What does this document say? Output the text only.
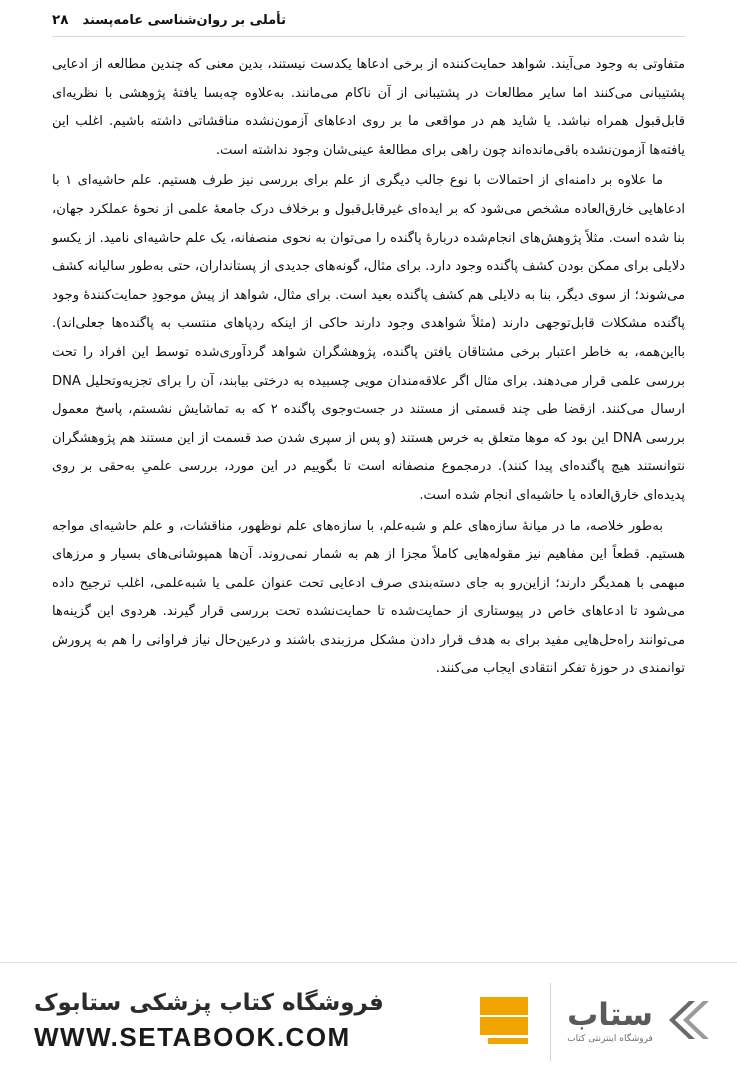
۲۸ تأملی بر روان‌شناسی عامه‌پسند

متفاوتی به وجود می‌آیند. شواهد حمایت‌کننده از برخی ادعاها یکدست نیستند، بدین معنی که چندین مطالعه از ادعایی پشتیبانی می‌کنند اما سایر مطالعات در پشتیبانی از آن ناکام می‌مانند. به‌علاوه چه‌بسا یافتهٔ پژوهشی با نظریه‌ای قابل‌قبول همراه نباشد. یا شاید هم در مواقعی ما بر روی ادعاهای آزمون‌نشده مناقشاتی داشته باشیم. اغلب این یافته‌ها آزمون‌نشده باقی‌مانده‌اند چون راهی برای مطالعهٔ عینی‌شان وجود نداشته است.

ما علاوه بر دامنه‌ای از احتمالات با نوع جالب دیگری از علم برای بررسی نیز طرف هستیم. علم حاشیه‌ای ۱ با ادعاهایی خارق‌العاده مشخص می‌شود که بر ایده‌ای غیرقابل‌قبول و برخلاف درک جامعهٔ علمی از نحوهٔ عملکرد جهان، بنا شده است. مثلاً پژوهش‌های انجام‌شده دربارهٔ پاگنده را می‌توان به نحوی منصفانه، یک علم حاشیه‌ای نامید. از یکسو دلایلی برای ممکن بودن کشف پاگنده وجود دارد. برای مثال، گونه‌های جدیدی از پستانداران، حتی به‌طور سالیانه کشف می‌شوند؛ از سوی دیگر، بنا به دلایلی هم کشف پاگنده بعید است. برای مثال، شواهد از پیش موجودِ حمایت‌کنندهٔ وجود پاگنده مشکلات قابل‌توجهی دارند (مثلاً شواهدی وجود دارند حاکی از اینکه ردپاهای منتسب به پاگنده‌ها جعلی‌اند). بااین‌همه، به خاطر اعتبار برخی مشتاقان یافتن پاگنده، پژوهشگران شواهد گردآوری‌شده توسط این افراد را تحت بررسی علمی قرار می‌دهند. برای مثال اگر علاقه‌مندان مویی چسبیده به درختی بیابند، آن را برای تجزیه‌وتحلیل DNA ارسال می‌کنند. ازقضا طی چند قسمتی از مستند در جست‌وجوی پاگنده ۲ که به تماشایش نشستم، پاسخ معمول بررسی DNA این بود که موها متعلق به خرس هستند (و پس از سپری شدن صد قسمت از این مستند هم پژوهشگران نتوانستند هیچ پاگنده‌ای پیدا کنند). درمجموع منصفانه است تا بگوییم در این مورد، بررسی علمیِ به‌حقی بر روی پدیده‌ای خارق‌العاده یا حاشیه‌ای انجام شده است.

به‌طور خلاصه، ما در میانهٔ سازه‌های علم و شبه‌علم، با سازه‌های علم نوظهور، مناقشات، و علم حاشیه‌ای مواجه هستیم. قطعاً این مفاهیم نیز مقوله‌هایی کاملاً مجزا از هم به شمار نمی‌روند. آن‌ها همپوشانی‌های بسیار و مرزهای مبهمی با همدیگر دارند؛ ازاین‌رو به جای دسته‌بندی صرف ادعایی تحت عنوان علمی یا شبه‌علمی، اغلب ترجیح داده می‌شود تا ادعاهای خاص در پیوستاری از حمایت‌شده تا حمایت‌نشده تحت بررسی قرار گیرند. هردوی این گزینه‌ها می‌توانند راه‌حل‌هایی مفید برای به هدف قرار دادن مشکل مرزبندی باشند و درعین‌حال نیاز فراوانی را هم به پرورش توانمندی در حوزهٔ تفکر انتقادی ایجاب می‌کنند.

ستاب
فروشگاه اینترنتی کتاب
فروشگاه کتاب پزشکی ستابوک
WWW.SETABOOK.COM
